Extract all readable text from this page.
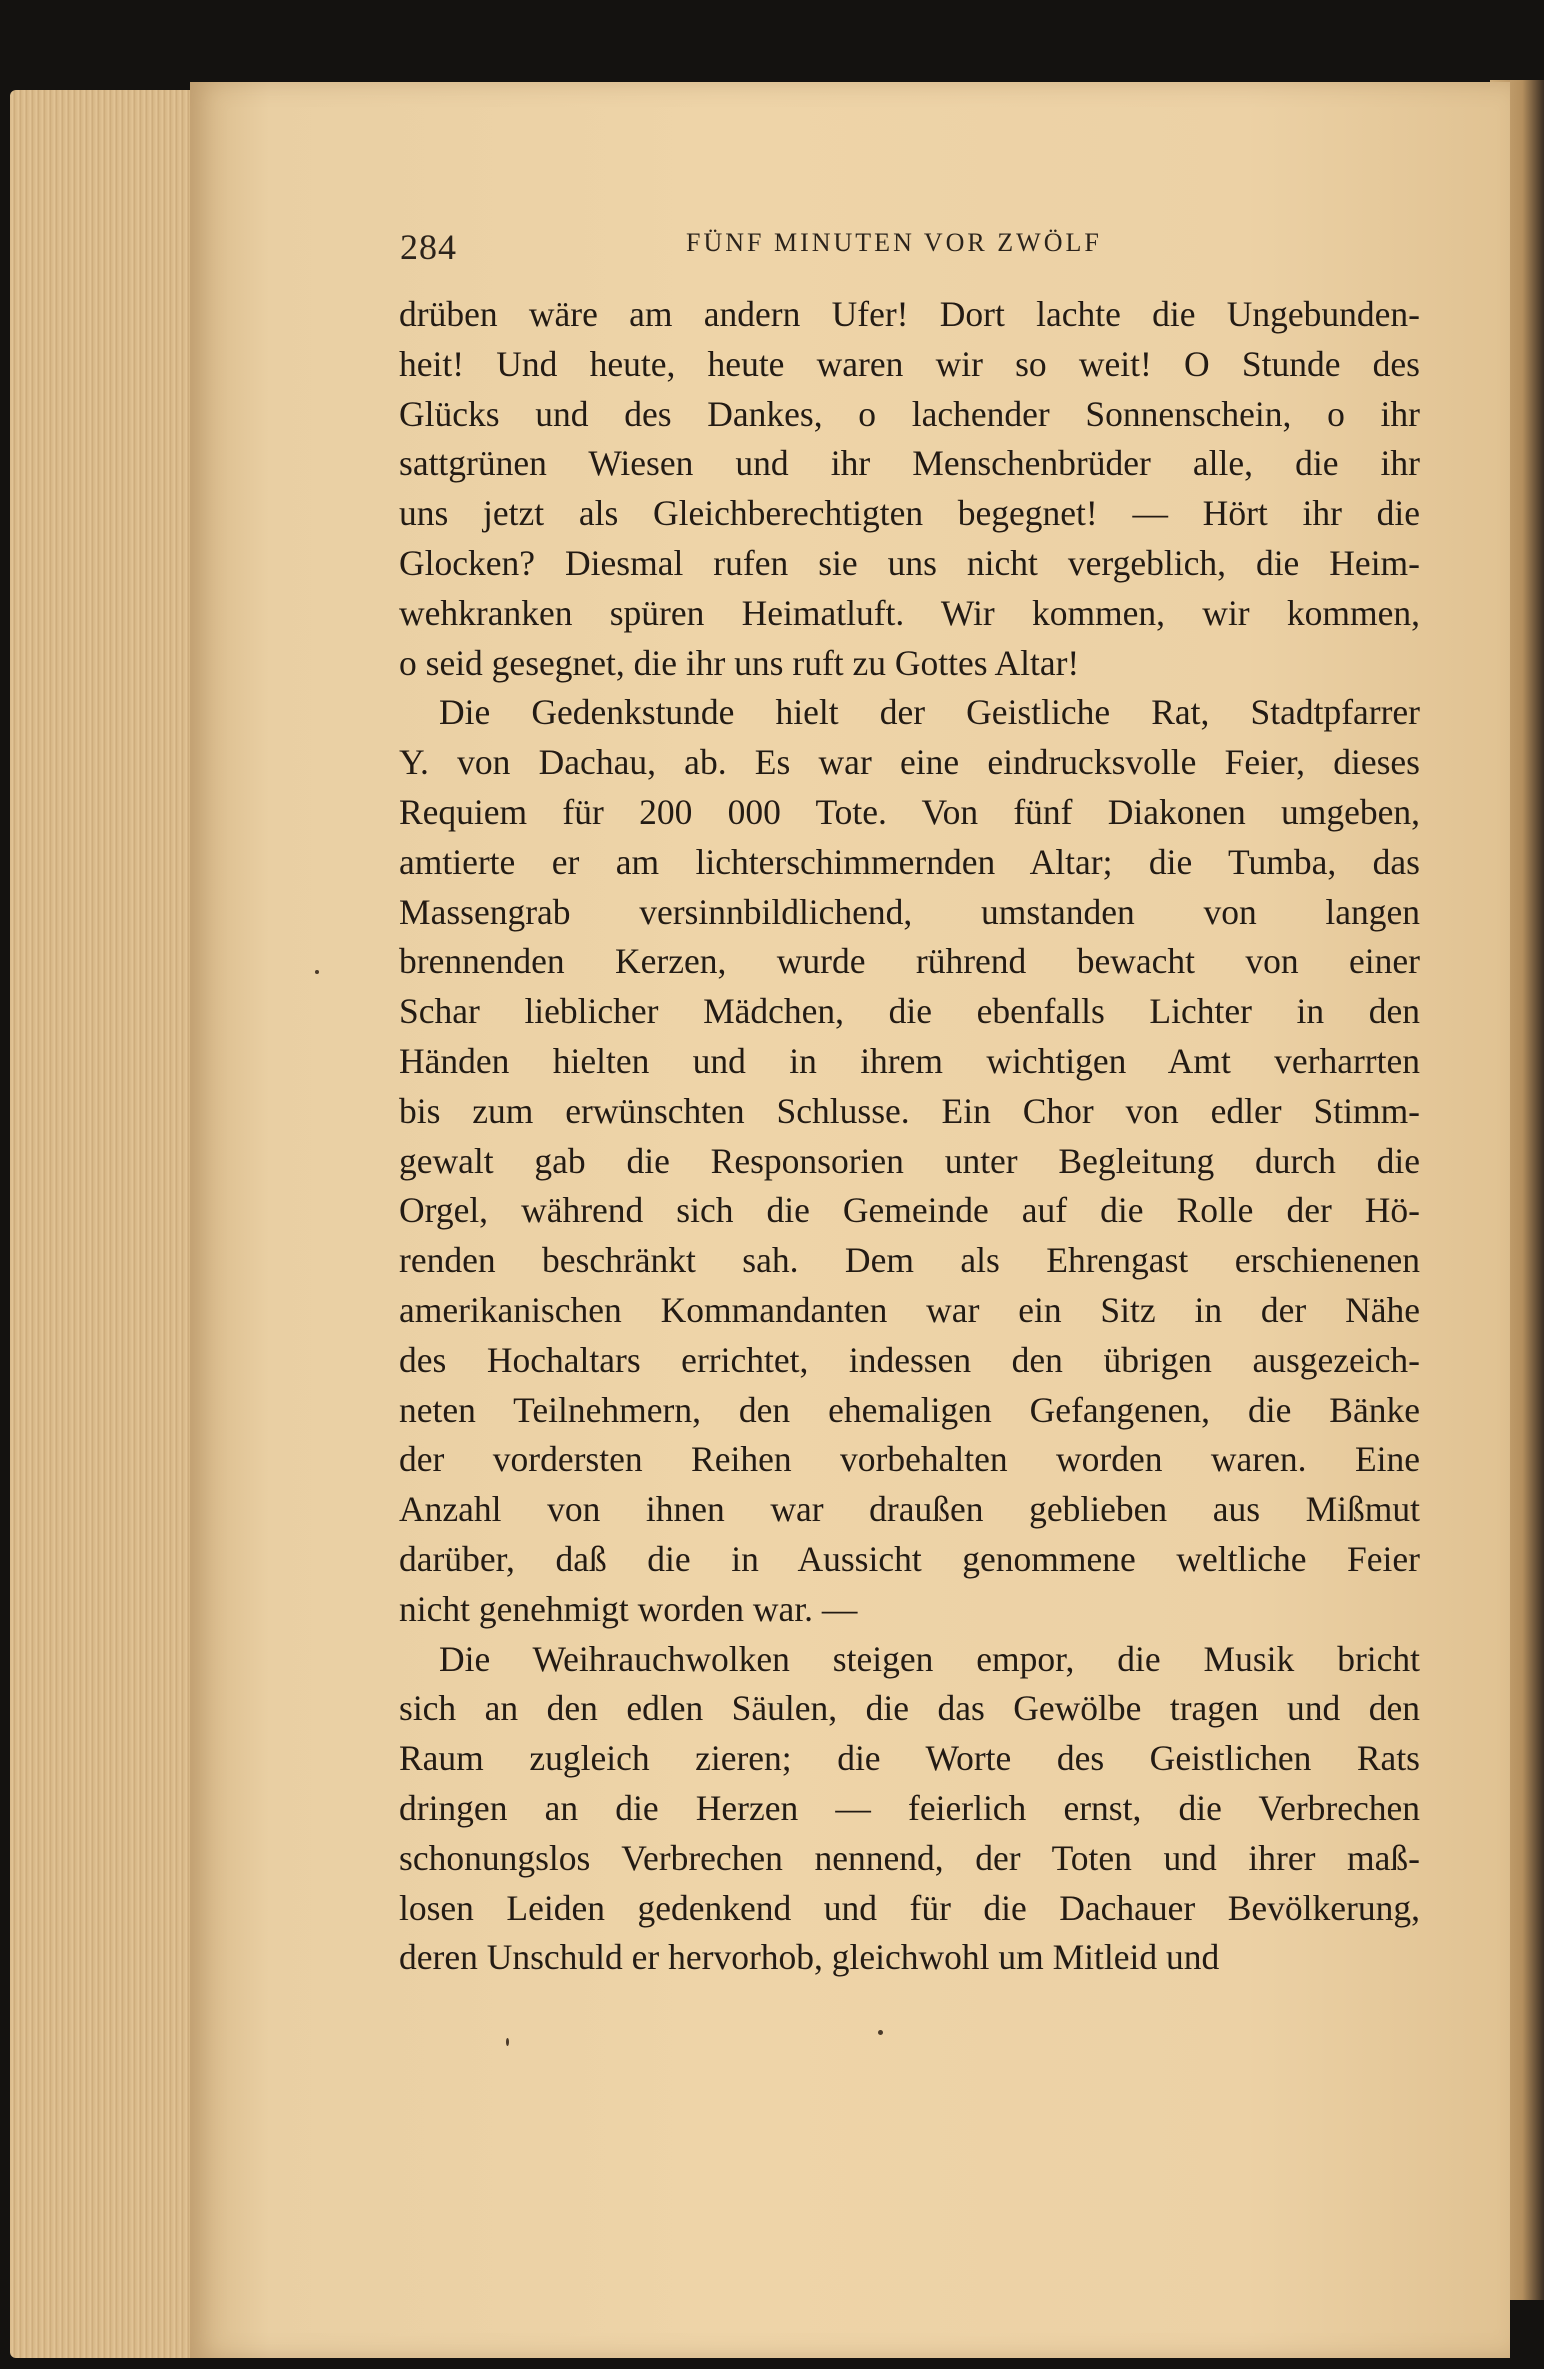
284	FÜNF MINUTEN VOR ZWÖLF

drüben wäre am andern Ufer! Dort lachte die Ungebunden-

heit! Und heute, heute waren wir so weit! O Stunde des

Glücks und des Dankes, o lachender Sonnenschein, o ihr

sattgrünen Wiesen und ihr Menschenbrüder alle, die ihr

uns jetzt als Gleichberechtigten begegnet! — Hört ihr die

Glocken? Diesmal rufen sie uns nicht vergeblich, die Heim-

wehkranken spüren Heimatluft. Wir kommen, wir kommen,

o seid gesegnet, die ihr uns ruft zu Gottes Altar!

Die Gedenkstunde hielt der Geistliche Rat, Stadtpfarrer

Y. von Dachau, ab. Es war eine eindrucksvolle Feier, dieses

Requiem für 200 000 Tote. Von fünf Diakonen umgeben,

amtierte er am lichterschimmernden Altar; die Tumba, das

Massengrab versinnbildlichend, umstanden von langen

brennenden Kerzen, wurde rührend bewacht von einer

Schar lieblicher Mädchen, die ebenfalls Lichter in den

Händen hielten und in ihrem wichtigen Amt verharrten

bis zum erwünschten Schlusse. Ein Chor von edler Stimm-

gewalt gab die Responsorien unter Begleitung durch die

Orgel, während sich die Gemeinde auf die Rolle der Hö-

renden beschränkt sah. Dem als Ehrengast erschienenen

amerikanischen Kommandanten war ein Sitz in der Nähe

des Hochaltars errichtet, indessen den übrigen ausgezeich-

neten Teilnehmern, den ehemaligen Gefangenen, die Bänke

der vordersten Reihen vorbehalten worden waren. Eine

Anzahl von ihnen war draußen geblieben aus Mißmut

darüber, daß die in Aussicht genommene weltliche Feier

nicht genehmigt worden war. —

Die Weihrauchwolken steigen empor, die Musik bricht

sich an den edlen Säulen, die das Gewölbe tragen und den

Raum zugleich zieren; die Worte des Geistlichen Rats

dringen an die Herzen — feierlich ernst, die Verbrechen

schonungslos Verbrechen nennend, der Toten und ihrer maß-

losen Leiden gedenkend und für die Dachauer Bevölkerung,

deren Unschuld er hervorhob, gleichwohl um Mitleid und
